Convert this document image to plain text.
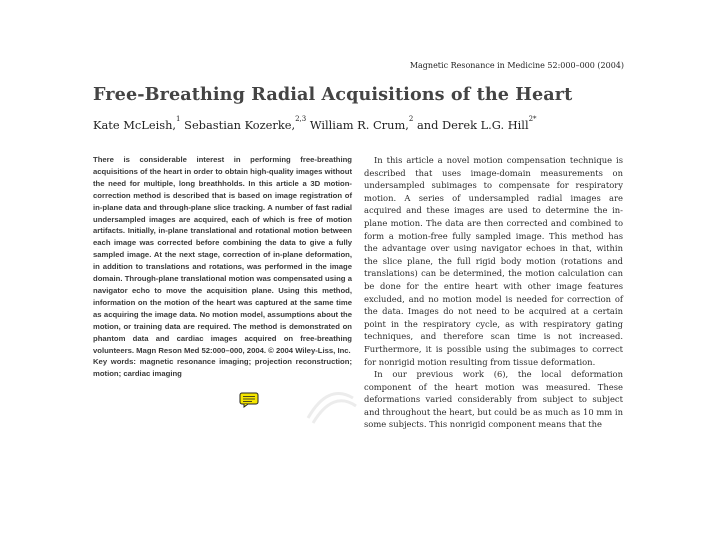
Magnetic Resonance in Medicine 52:000–000 (2004)
Free-Breathing Radial Acquisitions of the Heart
Kate McLeish,$^1$ Sebastian Kozerke,$^{2,3}$ William R. Crum,$^2$ and Derek L.G. Hill$^{2*}$

There is considerable interest in performing free-breathing acquisitions of the heart in order to obtain high-quality images without the need for multiple, long breathholds. In this article a 3D motion-correction method is described that is based on image registration of in-plane data and through-plane slice tracking. A number of fast radial undersampled images are acquired, each of which is free of motion artifacts. Initially, in-plane translational and rotational motion between each image was corrected before combining the data to give a fully sampled image. At the next stage, correction of in-plane deformation, in addition to translations and rotations, was performed in the image domain. Through-plane translational motion was compensated using a navigator echo to move the acquisition plane. Using this method, information on the motion of the heart was captured at the same time as acquiring the image data. No motion model, assumptions about the motion, or training data are required. The method is demonstrated on phantom data and cardiac images acquired on free-breathing volunteers. Magn Reson Med 52:000–000, 2004. © 2004 Wiley-Liss, Inc.

Key words: magnetic resonance imaging; projection reconstruction; motion; cardiac imaging

In this article a novel motion compensation technique is described that uses image-domain measurements on undersampled subimages to compensate for respiratory motion. A series of undersampled radial images are acquired and these images are used to determine the in-plane motion. The data are then corrected and combined to form a motion-free fully sampled image. This method has the advantage over using navigator echoes in that, within the slice plane, the full rigid body motion (rotations and translations) can be determined, the motion calculation can be done for the entire heart with other image features excluded, and no motion model is needed for correction of the data. Images do not need to be acquired at a certain point in the respiratory cycle, as with respiratory gating techniques, and therefore scan time is not increased. Furthermore, it is possible using the subimages to correct for nonrigid motion resulting from tissue deformation.

In our previous work (6), the local deformation component of the heart motion was measured. These deformations varied considerably from subject to subject and throughout the heart, but could be as much as 10 mm in some subjects. This nonrigid component means that the
